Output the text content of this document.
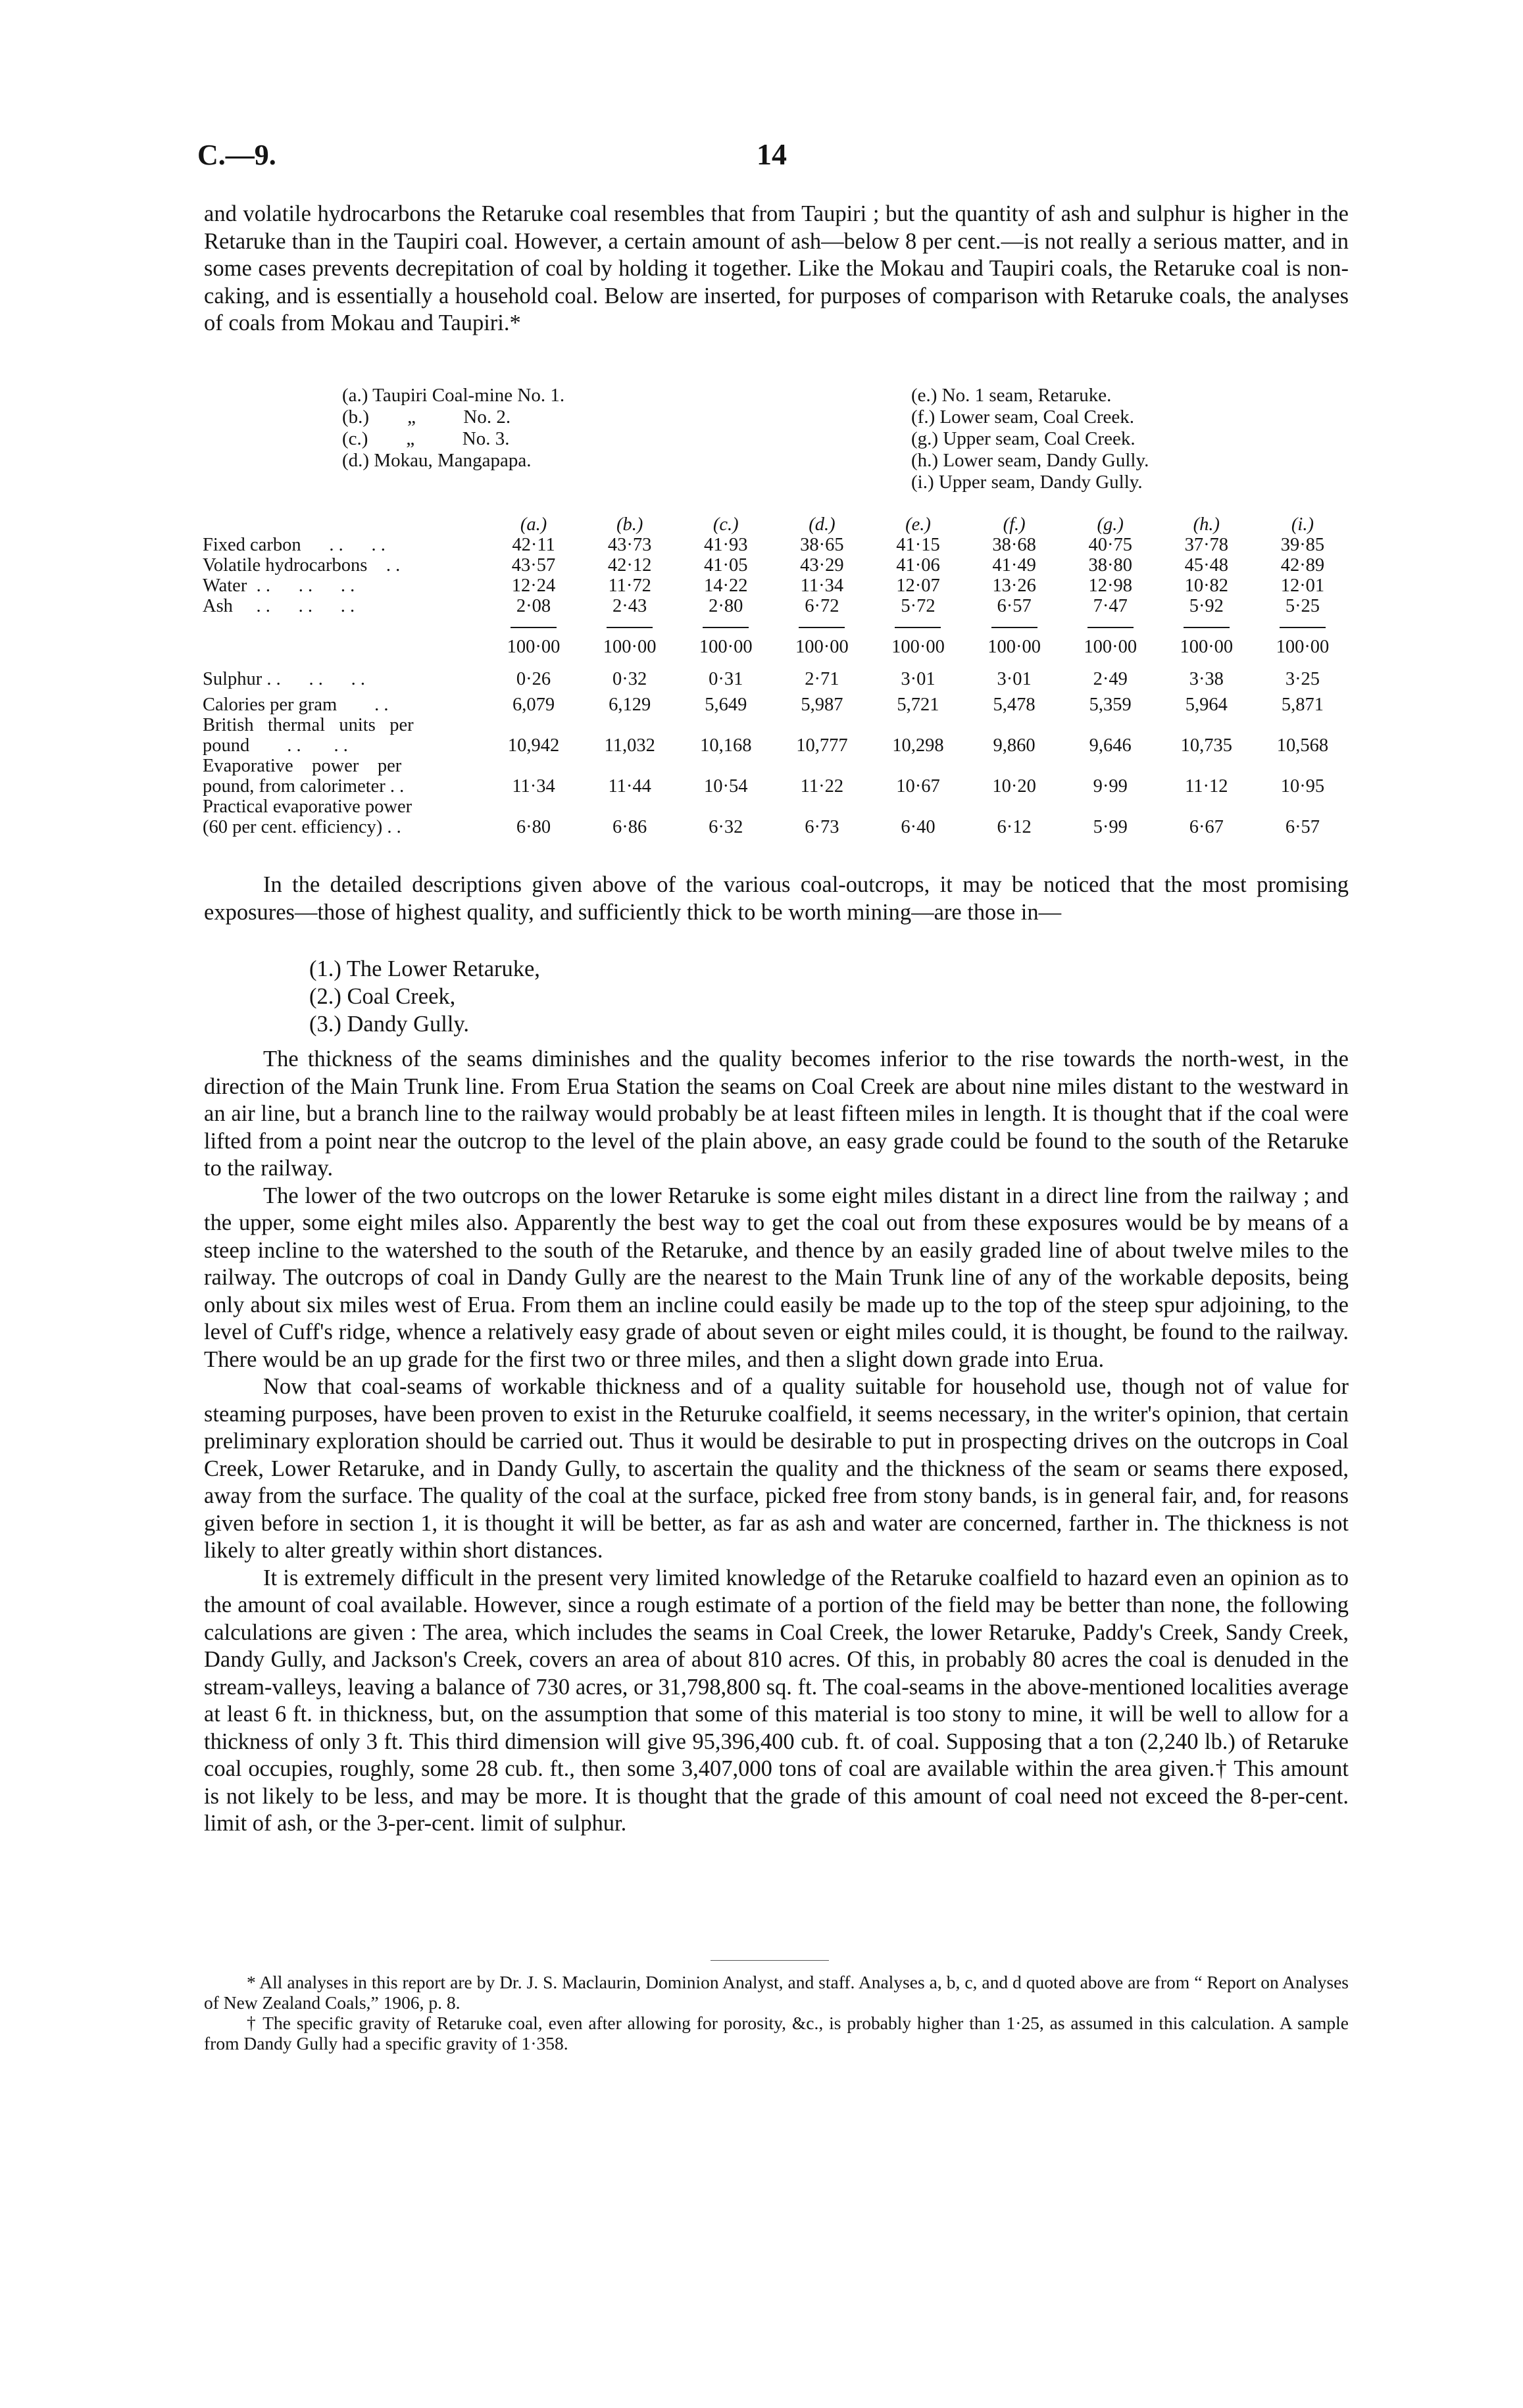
C.—9.	14

and volatile hydrocarbons the Retaruke coal resembles that from Taupiri ; but the quantity of ash and sulphur is higher in the Retaruke than in the Taupiri coal. However, a certain amount of ash—below 8 per cent.—is not really a serious matter, and in some cases prevents decrepitation of coal by holding it together. Like the Mokau and Taupiri coals, the Retaruke coal is non-caking, and is essentially a household coal. Below are inserted, for purposes of comparison with Retaruke coals, the analyses of coals from Mokau and Taupiri.*

(a.) Taupiri Coal-mine No. 1.
(b.)        „          No. 2.
(c.)        „          No. 3.
(d.) Mokau, Mangapapa.
(e.) No. 1 seam, Retaruke.
(f.) Lower seam, Coal Creek.
(g.) Upper seam, Coal Creek.
(h.) Lower seam, Dandy Gully.
(i.) Upper seam, Dandy Gully.
	(a.)	(b.)	(c.)	(d.)	(e.)	(f.)	(g.)	(h.)	(i.)
Fixed carbon      . .      . .	42·11	43·73	41·93	38·65	41·15	38·68	40·75	37·78	39·85
Volatile hydrocarbons    . .	43·57	42·12	41·05	43·29	41·06	41·49	38·80	45·48	42·89
Water  . .      . .      . .	12·24	11·72	14·22	11·34	12·07	13·26	12·98	10·82	12·01
Ash     . .      . .      . .	2·08	2·43	2·80	6·72	5·72	6·57	7·47	5·92	5·25

	100·00	100·00	100·00	100·00	100·00	100·00	100·00	100·00	100·00

Sulphur . .      . .      . .	0·26	0·32	0·31	2·71	3·01	3·01	2·49	3·38	3·25

Calories per gram        . .	6,079	6,129	5,649	5,987	5,721	5,478	5,359	5,964	5,871

British   thermal   units   per
pound        . .       . .	10,942	11,032	10,168	10,777	10,298	9,860	9,646	10,735	10,568

Evaporative    power    per
pound, from calorimeter . .	11·34	11·44	10·54	11·22	10·67	10·20	9·99	11·12	10·95

Practical evaporative power
(60 per cent. efficiency) . .	6·80	6·86	6·32	6·73	6·40	6·12	5·99	6·67	6·57

In the detailed descriptions given above of the various coal-outcrops, it may be noticed that the most promising exposures—those of highest quality, and sufficiently thick to be worth mining—are those in—

(1.) The Lower Retaruke,
(2.) Coal Creek,
(3.) Dandy Gully.

The thickness of the seams diminishes and the quality becomes inferior to the rise towards the north-west, in the direction of the Main Trunk line. From Erua Station the seams on Coal Creek are about nine miles distant to the westward in an air line, but a branch line to the railway would probably be at least fifteen miles in length. It is thought that if the coal were lifted from a point near the outcrop to the level of the plain above, an easy grade could be found to the south of the Retaruke to the railway.

The lower of the two outcrops on the lower Retaruke is some eight miles distant in a direct line from the railway ; and the upper, some eight miles also. Apparently the best way to get the coal out from these exposures would be by means of a steep incline to the watershed to the south of the Retaruke, and thence by an easily graded line of about twelve miles to the railway. The outcrops of coal in Dandy Gully are the nearest to the Main Trunk line of any of the workable deposits, being only about six miles west of Erua. From them an incline could easily be made up to the top of the steep spur adjoining, to the level of Cuff's ridge, whence a relatively easy grade of about seven or eight miles could, it is thought, be found to the railway. There would be an up grade for the first two or three miles, and then a slight down grade into Erua.

Now that coal-seams of workable thickness and of a quality suitable for household use, though not of value for steaming purposes, have been proven to exist in the Returuke coalfield, it seems necessary, in the writer's opinion, that certain preliminary exploration should be carried out. Thus it would be desirable to put in prospecting drives on the outcrops in Coal Creek, Lower Retaruke, and in Dandy Gully, to ascertain the quality and the thickness of the seam or seams there exposed, away from the surface. The quality of the coal at the surface, picked free from stony bands, is in general fair, and, for reasons given before in section 1, it is thought it will be better, as far as ash and water are concerned, farther in. The thickness is not likely to alter greatly within short distances.

It is extremely difficult in the present very limited knowledge of the Retaruke coalfield to hazard even an opinion as to the amount of coal available. However, since a rough estimate of a portion of the field may be better than none, the following calculations are given : The area, which includes the seams in Coal Creek, the lower Retaruke, Paddy's Creek, Sandy Creek, Dandy Gully, and Jackson's Creek, covers an area of about 810 acres. Of this, in probably 80 acres the coal is denuded in the stream-valleys, leaving a balance of 730 acres, or 31,798,800 sq. ft. The coal-seams in the above-mentioned localities average at least 6 ft. in thickness, but, on the assumption that some of this material is too stony to mine, it will be well to allow for a thickness of only 3 ft. This third dimension will give 95,396,400 cub. ft. of coal. Supposing that a ton (2,240 lb.) of Retaruke coal occupies, roughly, some 28 cub. ft., then some 3,407,000 tons of coal are available within the area given.† This amount is not likely to be less, and may be more. It is thought that the grade of this amount of coal need not exceed the 8-per-cent. limit of ash, or the 3-per-cent. limit of sulphur.

* All analyses in this report are by Dr. J. S. Maclaurin, Dominion Analyst, and staff. Analyses a, b, c, and d quoted above are from “ Report on Analyses of New Zealand Coals,” 1906, p. 8.

† The specific gravity of Retaruke coal, even after allowing for porosity, &c., is probably higher than 1·25, as assumed in this calculation. A sample from Dandy Gully had a specific gravity of 1·358.
